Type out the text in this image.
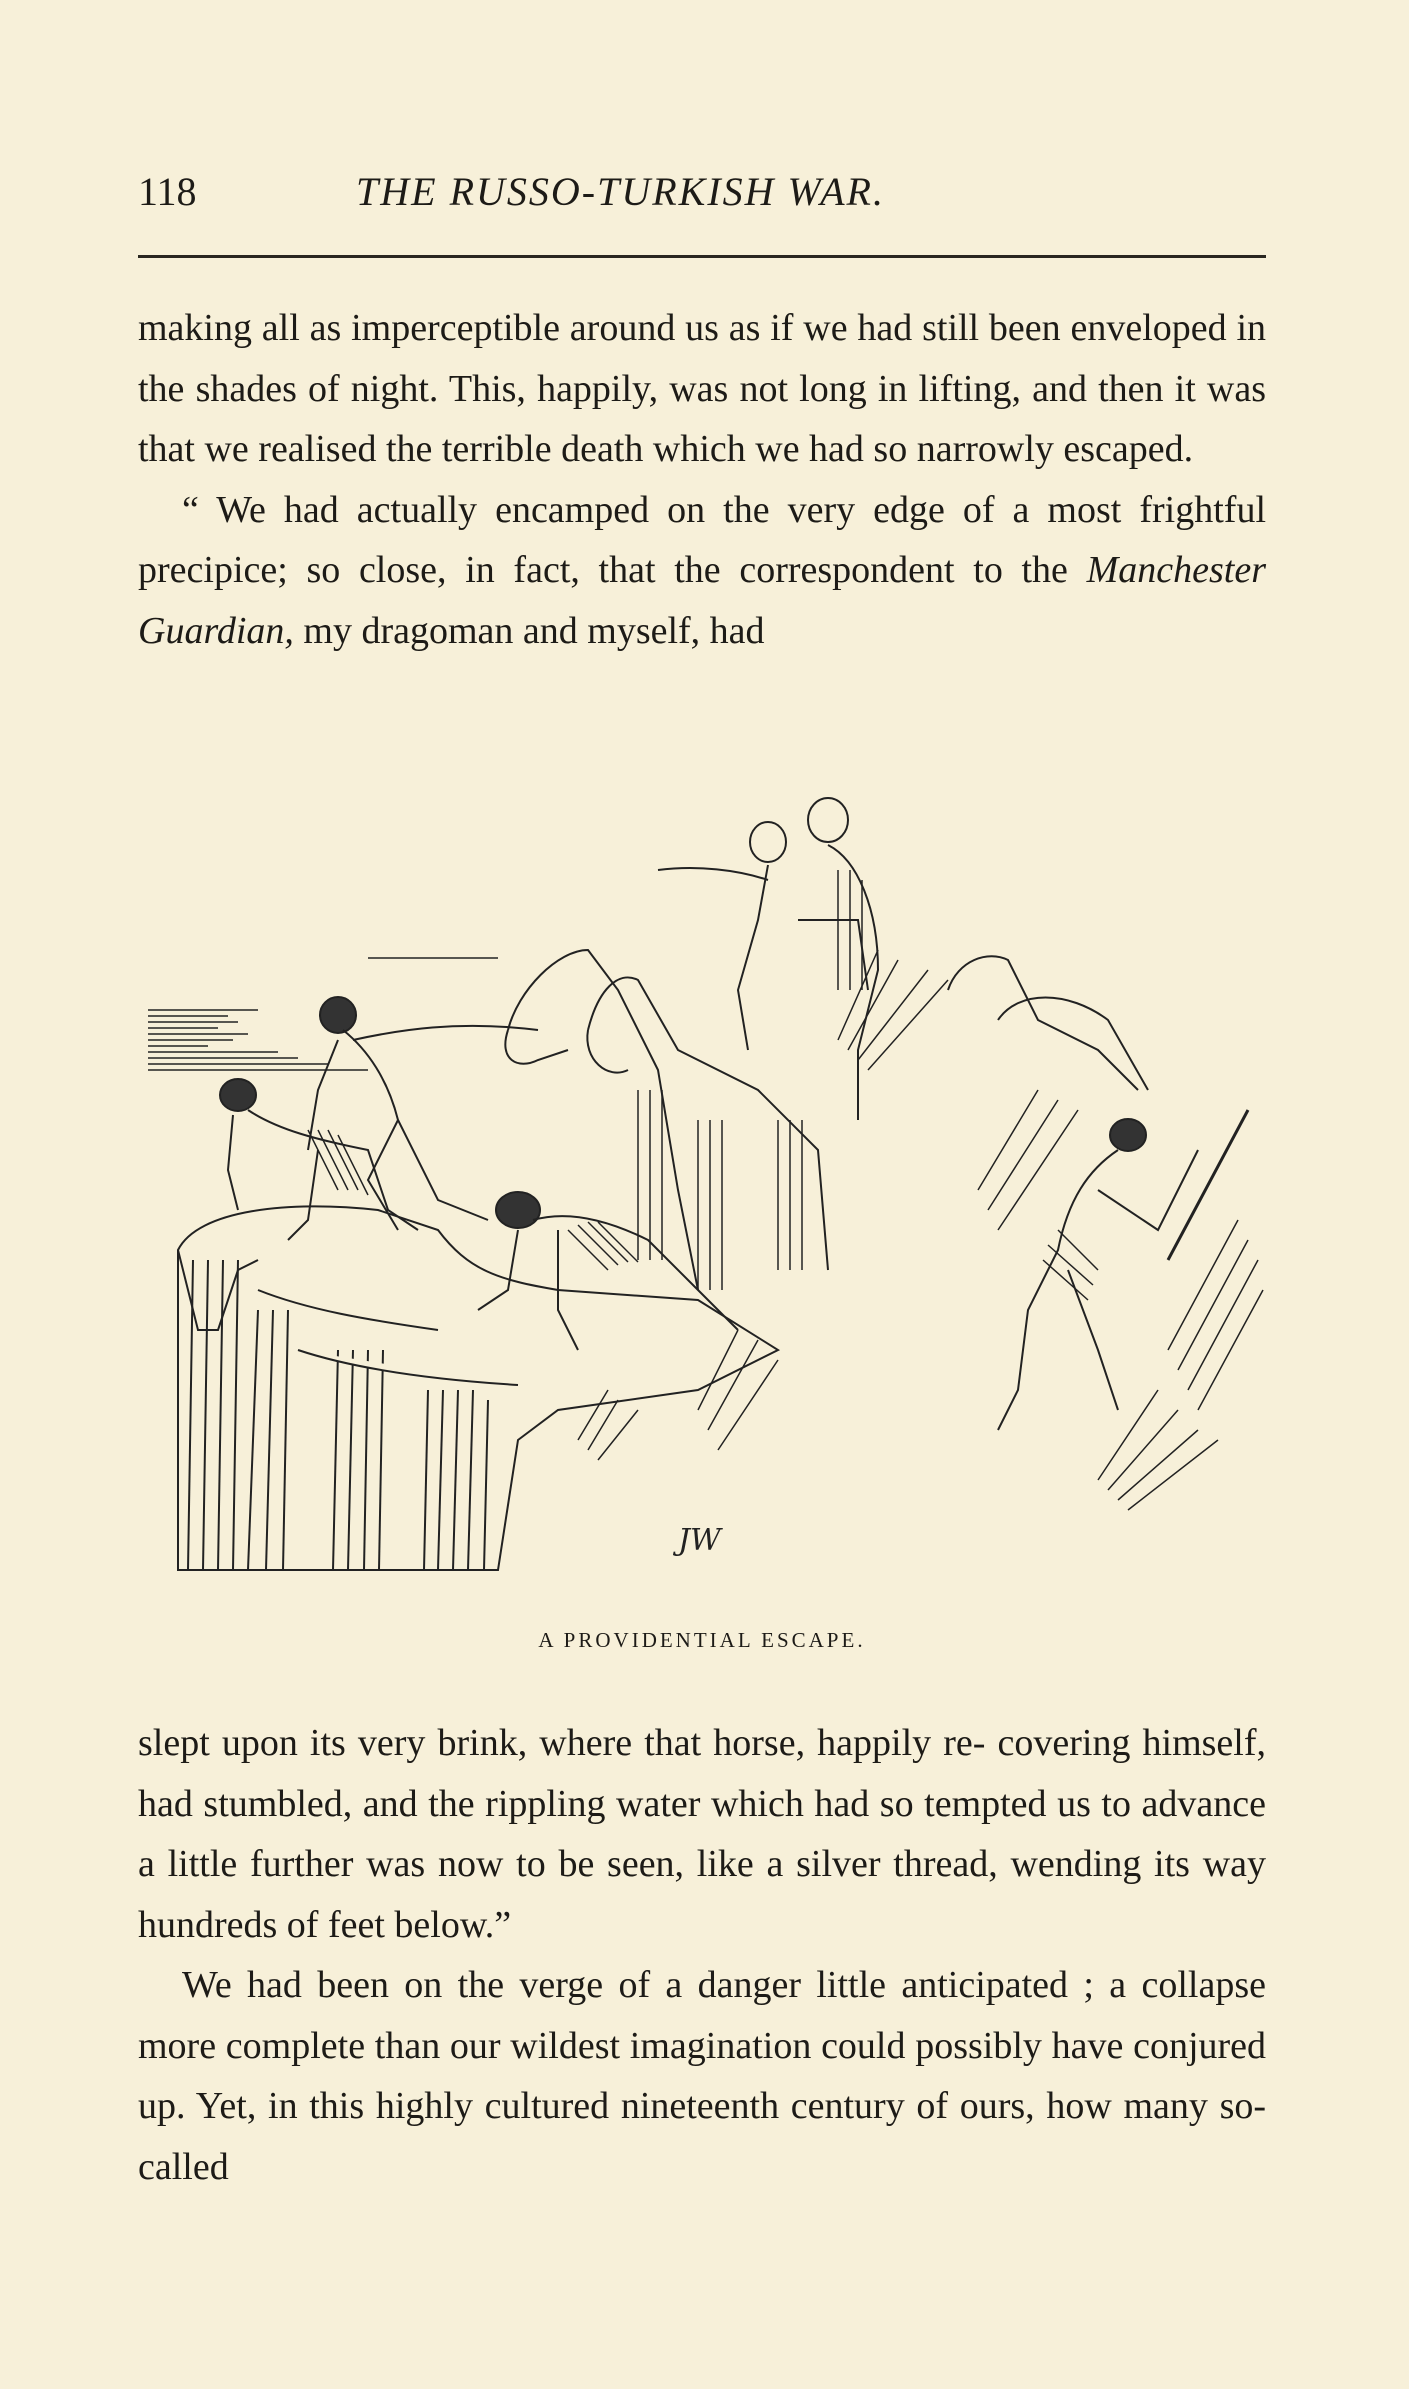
118	THE RUSSO-TURKISH WAR.

making all as imperceptible around us as if we had still been enveloped in the shades of night. This, happily, was not long in lifting, and then it was that we realised the terrible death which we had so narrowly escaped.

“ We had actually encamped on the very edge of a most frightful precipice; so close, in fact, that the correspondent to the Manchester Guardian, my dragoman and myself, had

JW
A PROVIDENTIAL ESCAPE.

slept upon its very brink, where that horse, happily re- covering himself, had stumbled, and the rippling water which had so tempted us to advance a little further was now to be seen, like a silver thread, wending its way hundreds of feet below.”

We had been on the verge of a danger little anticipated ; a collapse more complete than our wildest imagination could possibly have conjured up. Yet, in this highly cultured nineteenth century of ours, how many so-called
